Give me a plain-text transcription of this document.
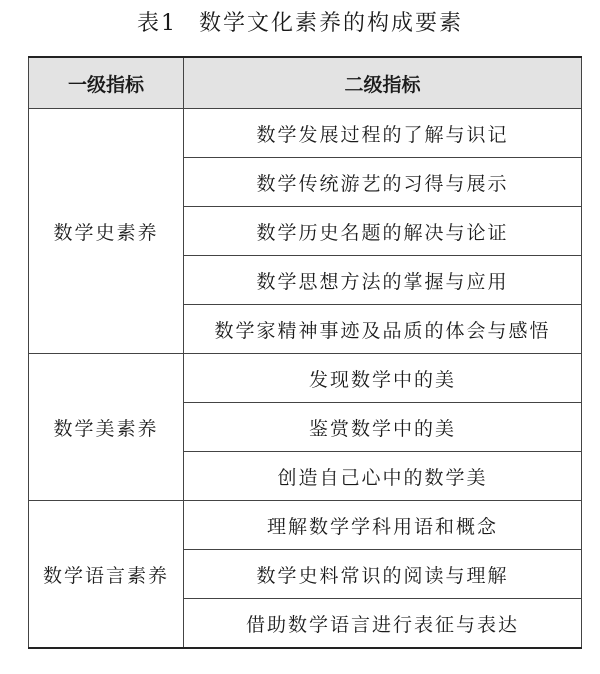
表1 数学文化素养的构成要素
一级指标	二级指标
数学史素养	数学发展过程的了解与识记
	数学传统游艺的习得与展示
	数学历史名题的解决与论证
	数学思想方法的掌握与应用
	数学家精神事迹及品质的体会与感悟
数学美素养	发现数学中的美
	鉴赏数学中的美
	创造自己心中的数学美
数学语言素养	理解数学学科用语和概念
	数学史料常识的阅读与理解
	借助数学语言进行表征与表达
